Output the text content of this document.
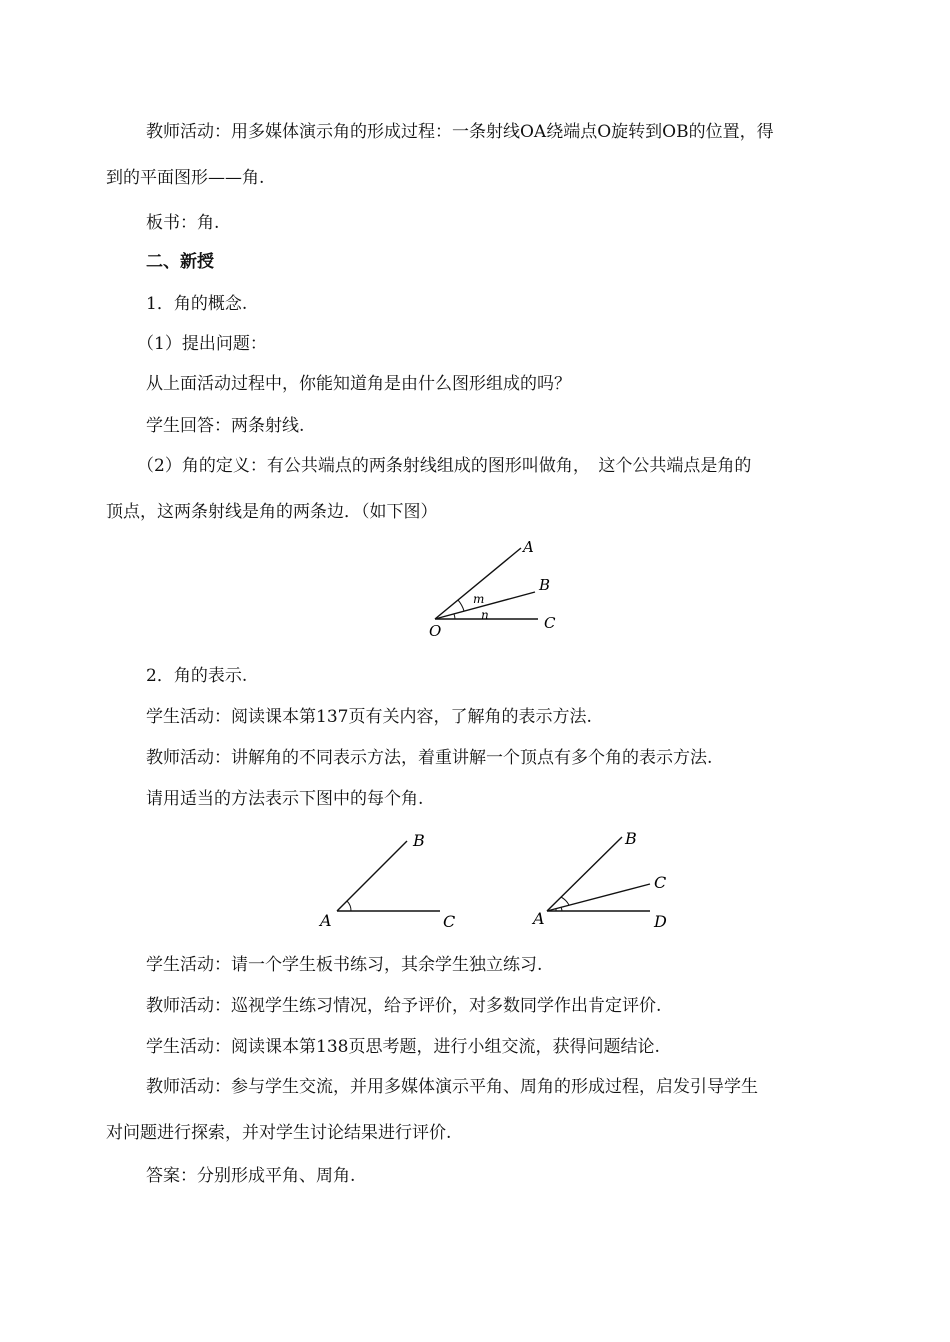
教师活动：用多媒体演示角的形成过程：一条射线OA绕端点O旋转到OB的位置，得
到的平面图形——角.
板书：角.
二、新授
1．角的概念.
（1）提出问题：
从上面活动过程中，你能知道角是由什么图形组成的吗？
学生回答：两条射线.
（2）角的定义：有公共端点的两条射线组成的图形叫做角，　这个公共端点是角的
顶点，这两条射线是角的两条边．（如下图）
A
B
C
O
m
n
2．角的表示.
学生活动：阅读课本第137页有关内容，了解角的表示方法.
教师活动：讲解角的不同表示方法，着重讲解一个顶点有多个角的表示方法.
请用适当的方法表示下图中的每个角.
A
B
C	A
B
C
D
学生活动：请一个学生板书练习，其余学生独立练习.
教师活动：巡视学生练习情况，给予评价，对多数同学作出肯定评价.
学生活动：阅读课本第138页思考题，进行小组交流，获得问题结论.
教师活动：参与学生交流，并用多媒体演示平角、周角的形成过程，启发引导学生
对问题进行探索，并对学生讨论结果进行评价.
答案：分别形成平角、周角.
